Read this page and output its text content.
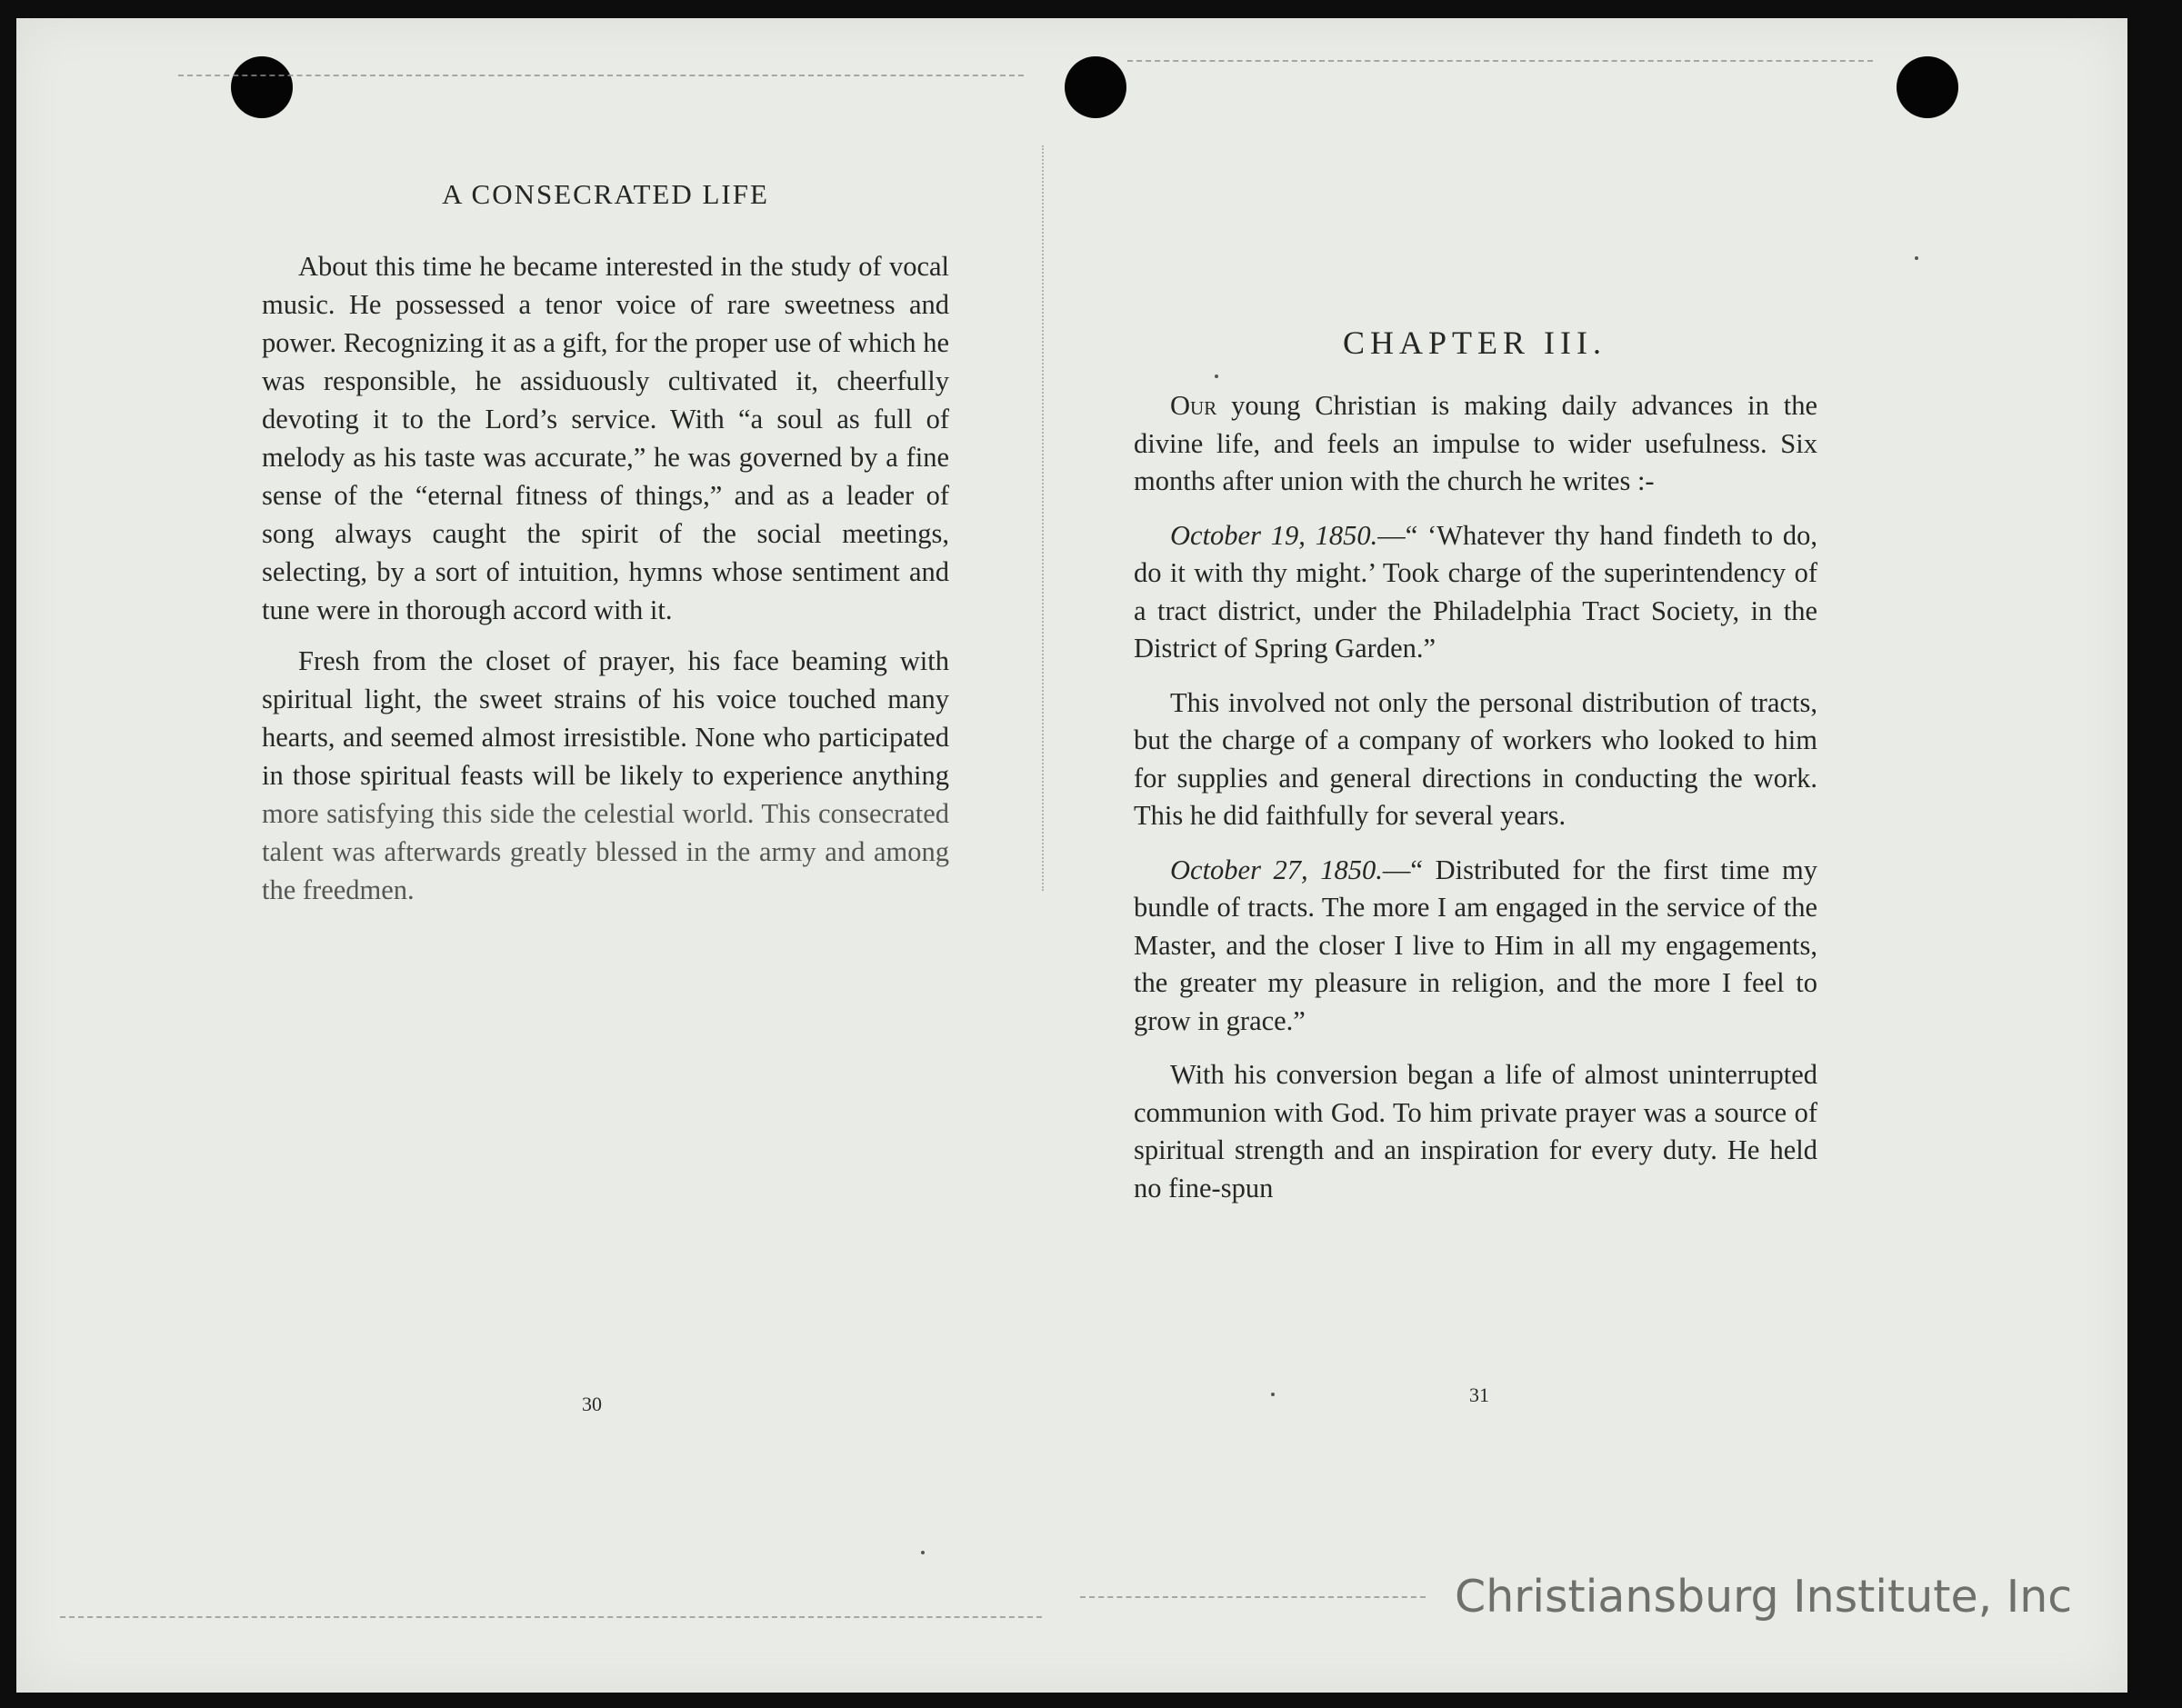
A CONSECRATED LIFE

About this time he became interested in the study of vocal music. He possessed a tenor voice of rare sweetness and power. Recognizing it as a gift, for the proper use of which he was responsible, he assiduously cultivated it, cheerfully devoting it to the Lord’s service. With “a soul as full of melody as his taste was accurate,” he was governed by a fine sense of the “eternal fitness of things,” and as a leader of song always caught the spirit of the social meetings, selecting, by a sort of intuition, hymns whose sentiment and tune were in thorough accord with it.

Fresh from the closet of prayer, his face beaming with spiritual light, the sweet strains of his voice touched many hearts, and seemed almost irresistible. None who participated in those spiritual feasts will be likely to experience anything more satisfying this side the celestial world. This consecrated talent was afterwards greatly blessed in the army and among the freedmen.

30
CHAPTER III.

Our young Christian is making daily advances in the divine life, and feels an impulse to wider usefulness. Six months after union with the church he writes :-

October 19, 1850.—“ ‘Whatever thy hand findeth to do, do it with thy might.’ Took charge of the superintendency of a tract district, under the Philadelphia Tract Society, in the District of Spring Garden.”

This involved not only the personal distribution of tracts, but the charge of a company of workers who looked to him for supplies and general directions in conducting the work. This he did faithfully for several years.

October 27, 1850.—“ Distributed for the first time my bundle of tracts. The more I am engaged in the service of the Master, and the closer I live to Him in all my engagements, the greater my pleasure in religion, and the more I feel to grow in grace.”

With his conversion began a life of almost uninterrupted communion with God. To him private prayer was a source of spiritual strength and an inspiration for every duty. He held no fine-spun

31
Christiansburg Institute, Inc
